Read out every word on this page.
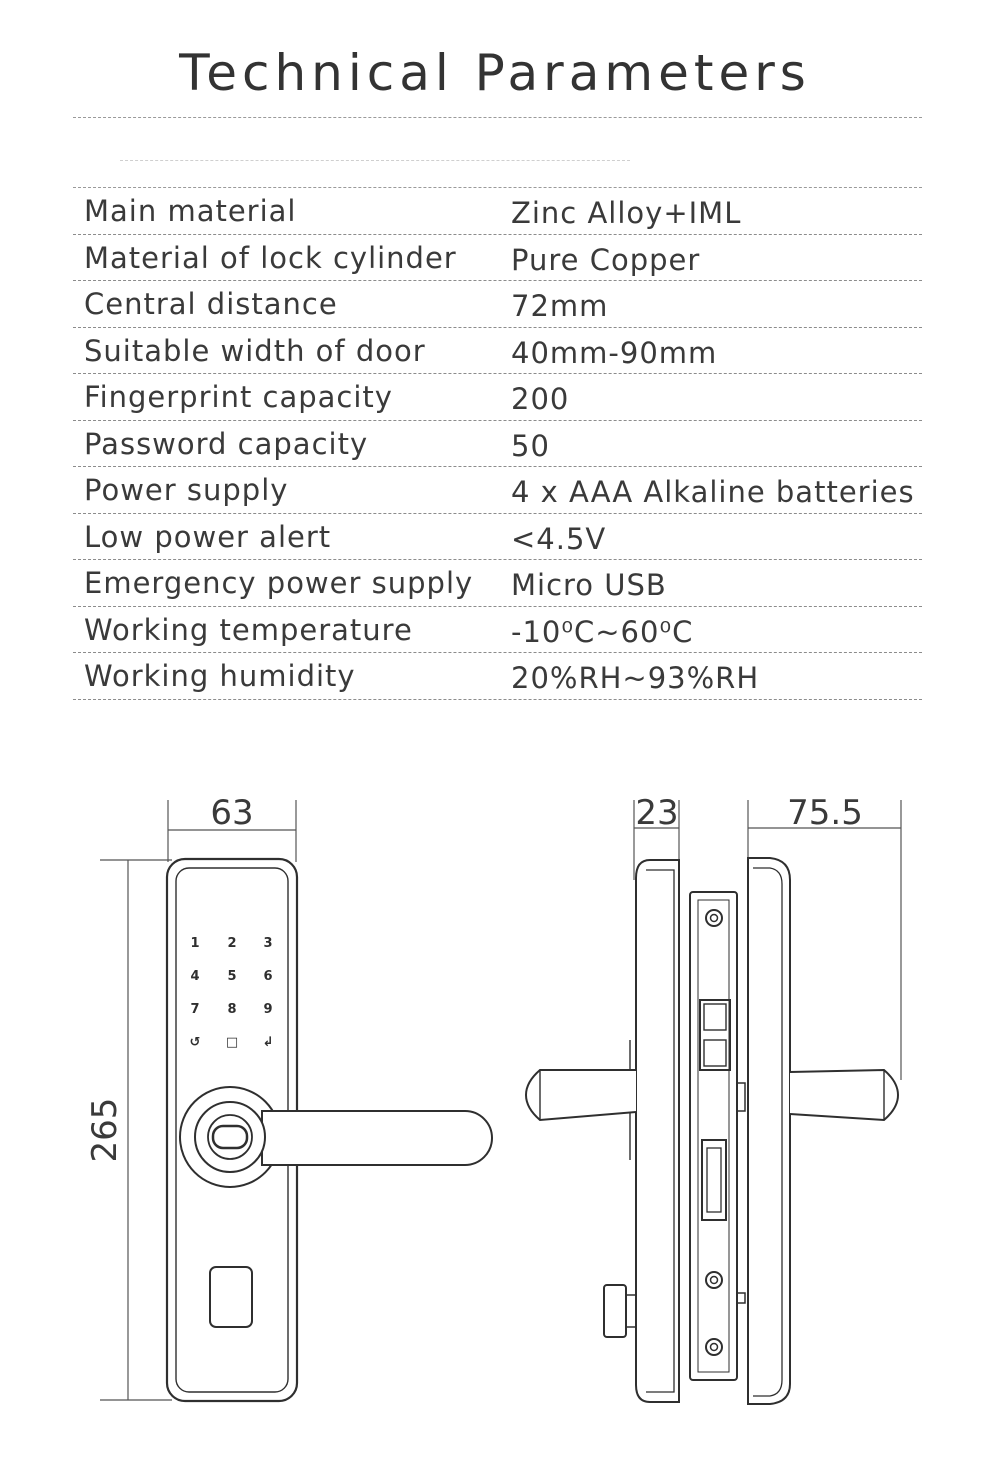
Technical Parameters
Main material	Zinc Alloy+IML
Material of lock cylinder Pure Copper
Central distance	72mm
Suitable width of door	40mm-90mm
Fingerprint capacity	200
Password capacity	50
Power supply	4 x AAA Alkaline batteries
Low power alert	<4.5V
Emergency power supply Micro USB
Working temperature	-10⁰C~60⁰C
Working humidity	20%RH~93%RH
63
265
1 2 3
4 5 6
7 8 9
↺ □ ↲
23	75.5
